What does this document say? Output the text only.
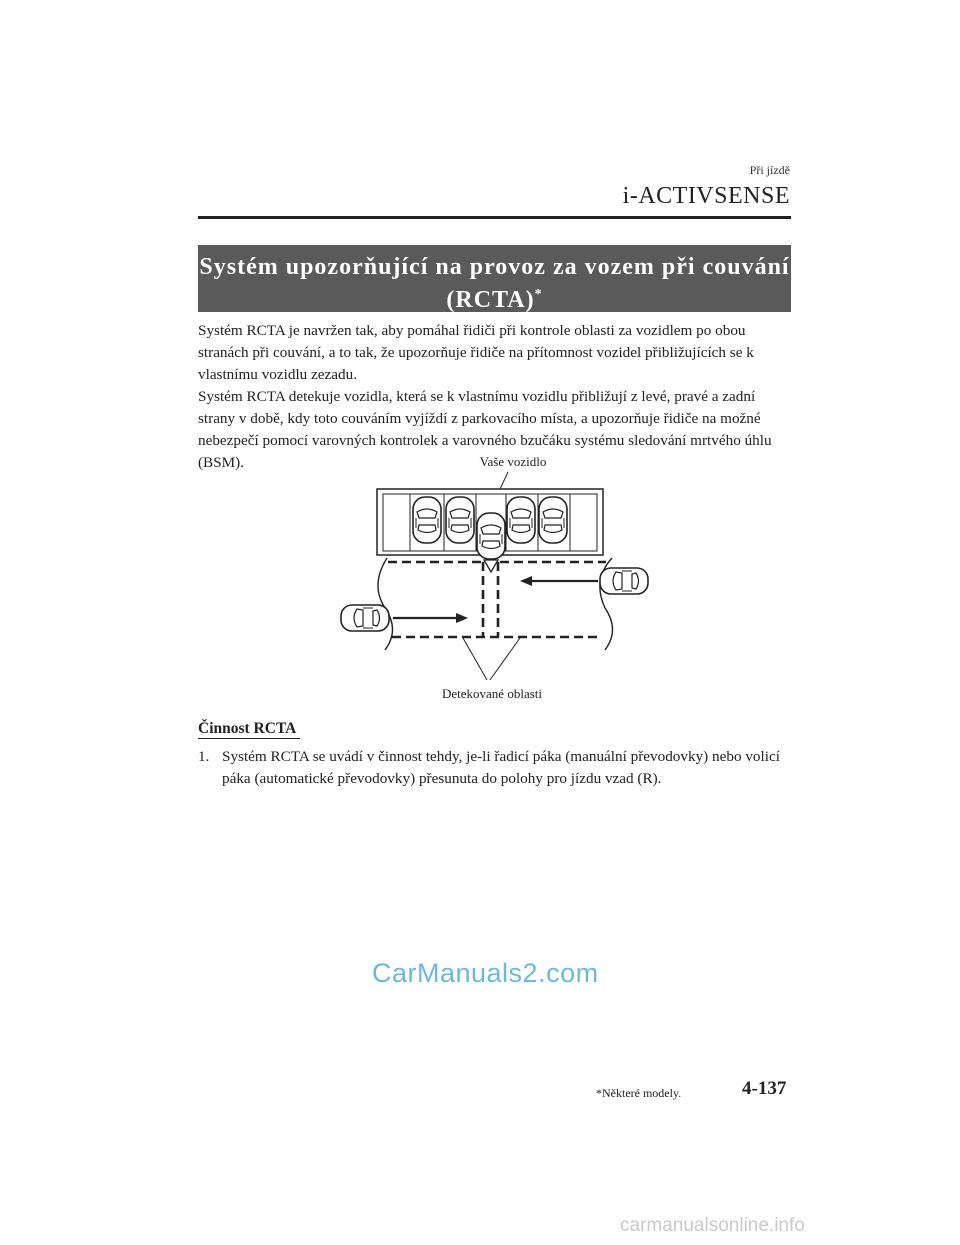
Při jízdě
i-ACTIVSENSE
Systém upozorňující na provoz za vozem při couvání
(RCTA)*
Systém RCTA je navržen tak, aby pomáhal řidiči při kontrole oblasti za vozidlem po obou stranách při couvání, a to tak, že upozorňuje řidiče na přítomnost vozidel přibližujících se k vlastnímu vozidlu zezadu.
Systém RCTA detekuje vozidla, která se k vlastnímu vozidlu přibližují z levé, pravé a zadní strany v době, kdy toto couváním vyjíždí z parkovacího místa, a upozorňuje řidiče na možné nebezpečí pomocí varovných kontrolek a varovného bzučáku systému sledování mrtvého úhlu (BSM).	Vaše vozidlo
Detekované oblasti
Činnost RCTA
1. Systém RCTA se uvádí v činnost tehdy, je-li řadicí páka (manuální převodovky) nebo volicí páka (automatické převodovky) přesunuta do polohy pro jízdu vzad (R).
CarManuals2.com
*Některé modely.	4-137
carmanualsonline.info
